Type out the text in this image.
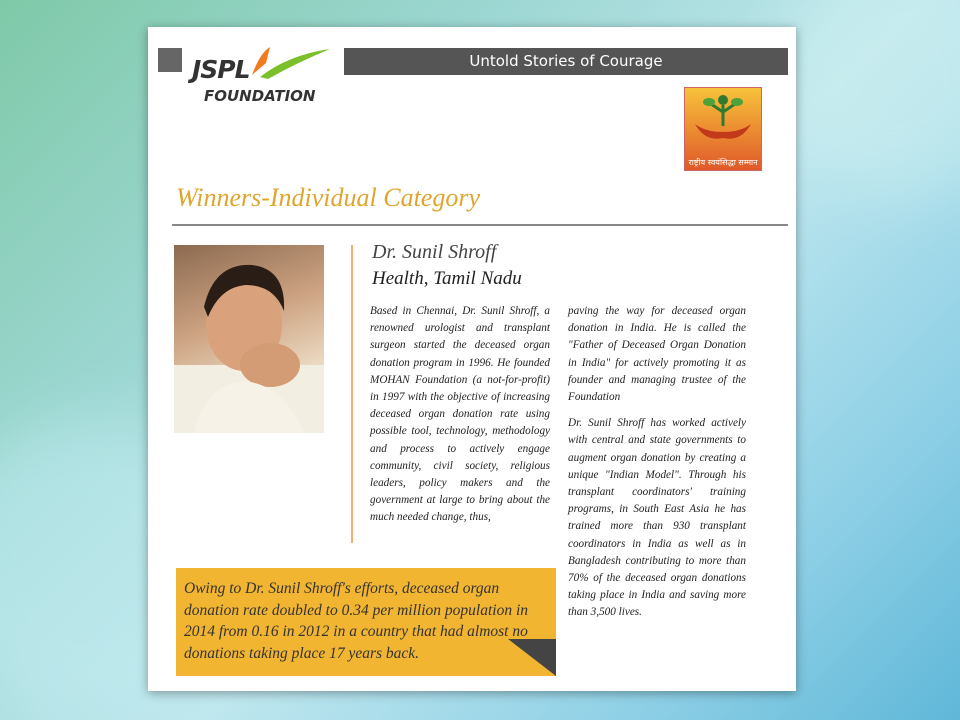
JSPL
FOUNDATION
Untold Stories of Courage
राष्ट्रीय स्वयंसिद्धा सम्मान
Winners-Individual Category
Dr. Sunil Shroff
Health, Tamil Nadu
Based in Chennai, Dr. Sunil Shroff, a renowned urologist and transplant surgeon started the deceased organ donation program in 1996. He founded MOHAN Foundation (a not-for-profit) in 1997 with the objective of increasing deceased organ donation rate using possible tool, technology, methodology and process to actively engage community, civil society, religious leaders, policy makers and the government at large to bring about the much needed change, thus,

paving the way for deceased organ donation in India. He is called the "Father of Deceased Organ Donation in India" for actively promoting it as founder and managing trustee of the Foundation

Dr. Sunil Shroff has worked actively with central and state governments to augment organ donation by creating a unique "Indian Model". Through his transplant coordinators' training programs, in South East Asia he has trained more than 930 transplant coordinators in India as well as in Bangladesh contributing to more than 70% of the deceased organ donations taking place in India and saving more than 3,500 lives.

Owing to Dr. Sunil Shroff's efforts, deceased organ donation rate doubled to 0.34 per million population in 2014 from 0.16 in 2012 in a country that had almost no donations taking place 17 years back.
